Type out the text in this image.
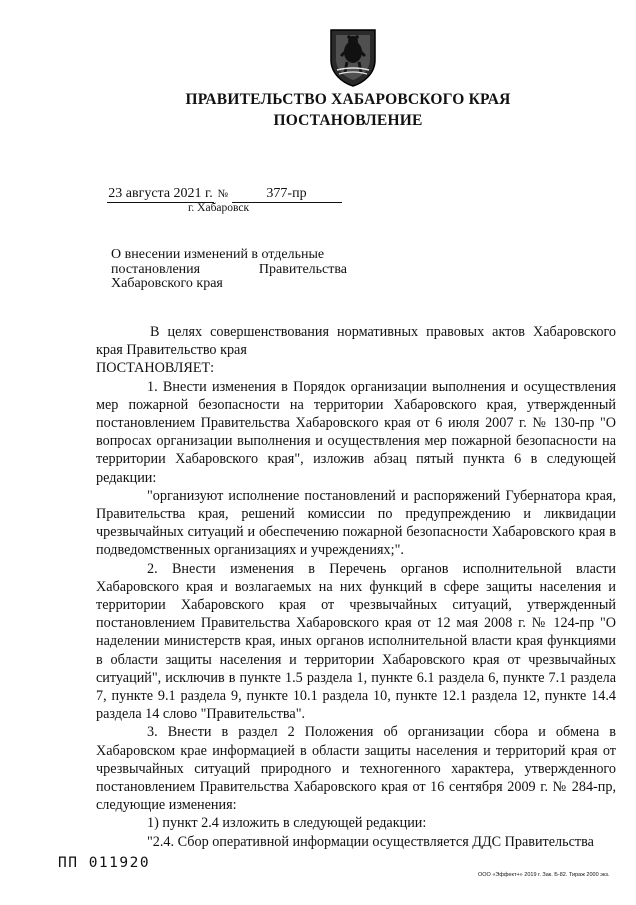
ПРАВИТЕЛЬСТВО ХАБАРОВСКОГО КРАЯ
ПОСТАНОВЛЕНИЕ
23 августа 2021 г. №	377-пр
г. Хабаровск
О внесении изменений в отдельные
постановления Правительства
Хабаровского края

В целях совершенствования нормативных правовых актов Хабаровского края Правительство края

ПОСТАНОВЛЯЕТ:

1. Внести изменения в Порядок организации выполнения и осуществления мер пожарной безопасности на территории Хабаровского края, утвержденный постановлением Правительства Хабаровского края от 6 июля 2007 г. № 130-пр "О вопросах организации выполнения и осуществления мер пожарной безопасности на территории Хабаровского края", изложив абзац пятый пункта 6 в следующей редакции:

"организуют исполнение постановлений и распоряжений Губернатора края, Правительства края, решений комиссии по предупреждению и ликвидации чрезвычайных ситуаций и обеспечению пожарной безопасности Хабаровского края в подведомственных организациях и учреждениях;".

2. Внести изменения в Перечень органов исполнительной власти Хабаровского края и возлагаемых на них функций в сфере защиты населения и территории Хабаровского края от чрезвычайных ситуаций, утвержденный постановлением Правительства Хабаровского края от 12 мая 2008 г. № 124-пр "О наделении министерств края, иных органов исполнительной власти края функциями в области защиты населения и территории Хабаровского края от чрезвычайных ситуаций", исключив в пункте 1.5 раздела 1, пункте 6.1 раздела 6, пункте 7.1 раздела 7, пункте 9.1 раздела 9, пункте 10.1 раздела 10, пункте 12.1 раздела 12, пункте 14.4 раздела 14 слово "Правительства".

3. Внести в раздел 2 Положения об организации сбора и обмена в Хабаровском крае информацией в области защиты населения и территорий края от чрезвычайных ситуаций природного и техногенного характера, утвержденного постановлением Правительства Хабаровского края от 16 сентября 2009 г. № 284-пр, следующие изменения:

1) пункт 2.4 изложить в следующей редакции:

"2.4. Сбор оперативной информации осуществляется ДДС Правительства

ПП 011920
ООО «Эффект+» 2019 г. Зак. Б-82. Тираж 2000 экз.
